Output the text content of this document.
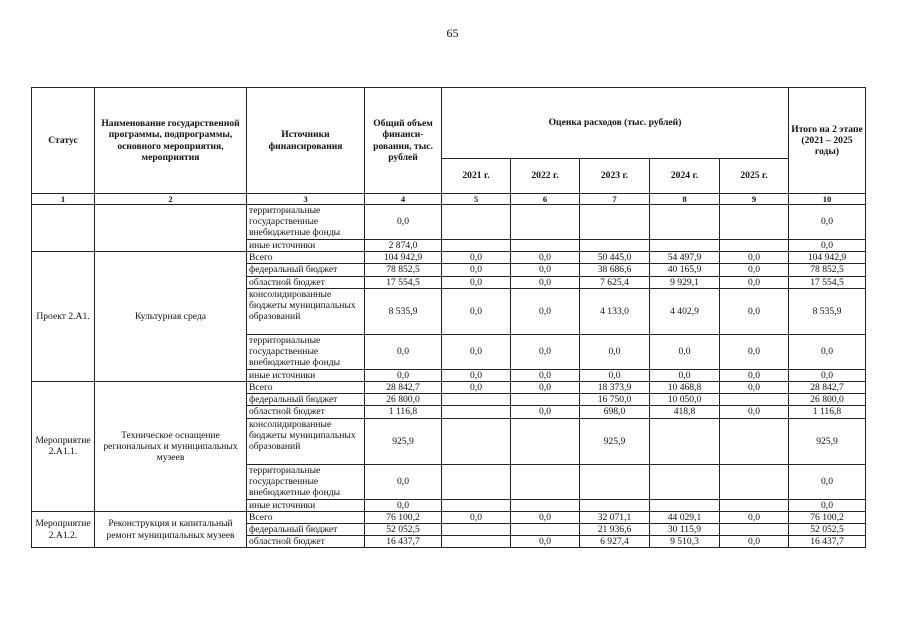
65
Статус	Наименование государственной программы, подпрограммы, основного мероприятия, мероприятия	Источники финансирования	Общий объем финанси-рования, тыс. рублей	Оценка расходов (тыс. рублей)					Итого на 2 этапе (2021 – 2025 годы)
				2021 г.	2022 г.	2023 г.	2024 г.	2025 г.	
1	2	3	4	5	6	7	8	9	10
		территориальные государственные внебюджетные фонды	0,0						0,0
		иные источники	2 874,0						0,0
Проект 2.А1.	Культурная среда	Всего	104 942,9	0,0	0,0	50 445,0	54 497,9	0,0	104 942,9
		федеральный бюджет	78 852,5	0,0	0,0	38 686,6	40 165,9	0,0	78 852,5
		областной бюджет	17 554,5	0,0	0,0	7 625,4	9 929,1	0,0	17 554,5
		консолидированные бюджеты муниципальных образований	8 535,9	0,0	0,0	4 133,0	4 402,9	0,0	8 535,9
		территориальные государственные внебюджетные фонды	0,0	0,0	0,0	0,0	0,0	0,0	0,0
		иные источники	0,0	0,0	0,0	0,0	0,0	0,0	0,0
Мероприятие 2.А1.1.	Техническое оснащение региональных и муниципальных музеев	Всего	28 842,7	0,0	0,0	18 373,9	10 468,8	0,0	28 842,7
		федеральный бюджет	26 800,0			16 750,0	10 050,0		26 800,0
		областной бюджет	1 116,8		0,0	698,0	418,8	0,0	1 116,8
		консолидированные бюджеты муниципальных образований	925,9			925,9			925,9
		территориальные государственные внебюджетные фонды	0,0						0,0
		иные источники	0,0						0,0
Мероприятие 2.А1.2.	Реконструкция и капитальный ремонт муниципальных музеев	Всего	76 100,2	0,0	0,0	32 071,1	44 029,1	0,0	76 100,2
		федеральный бюджет	52 052,5			21 936,6	30 115,9		52 052,5
		областной бюджет	16 437,7		0,0	6 927,4	9 510,3	0,0	16 437,7
